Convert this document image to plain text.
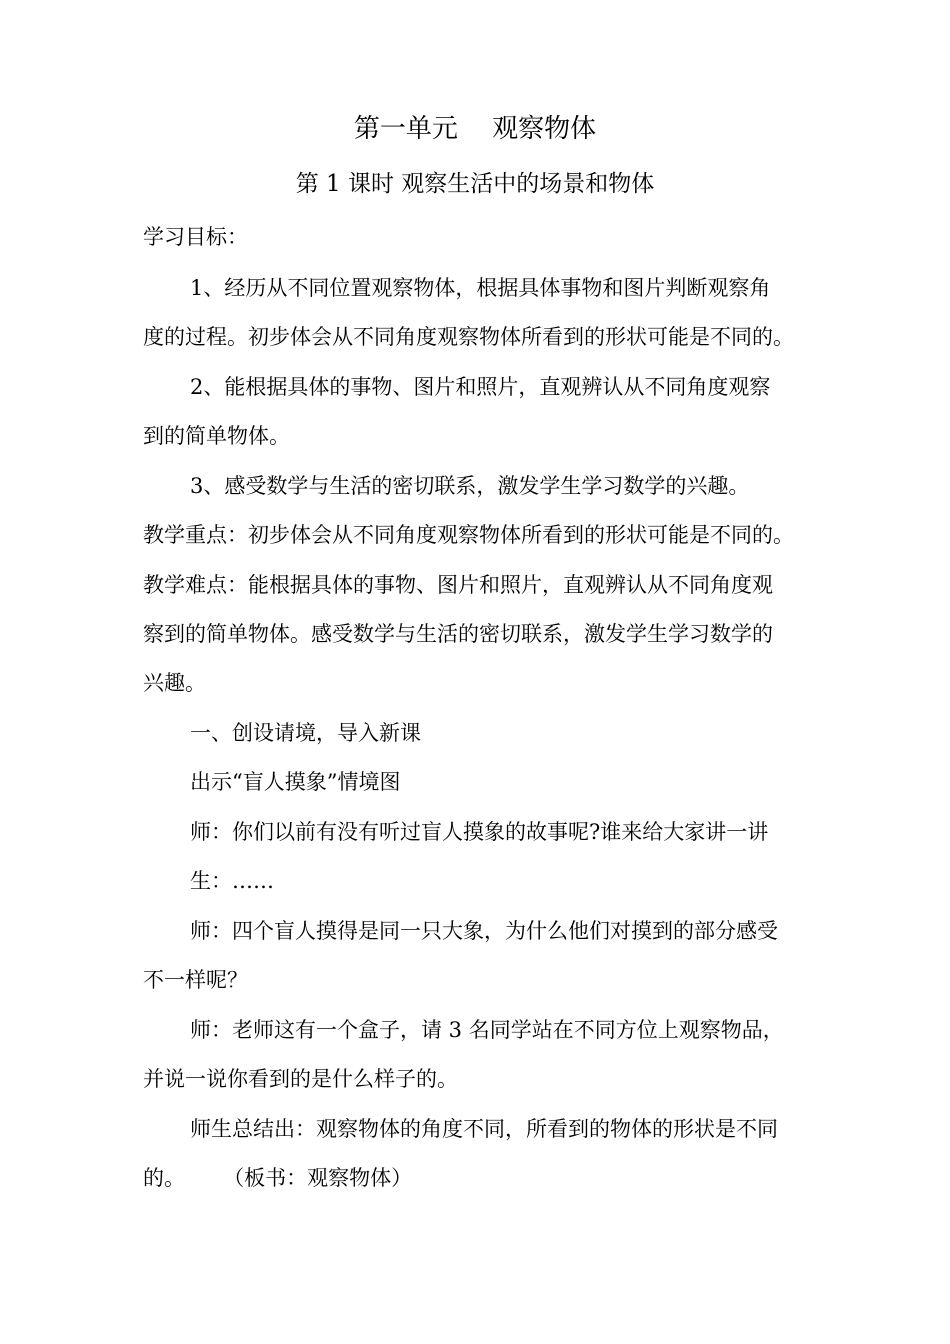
第一单元　 观察物体
第 1 课时 观察生活中的场景和物体
学习目标：
1、经历从不同位置观察物体，根据具体事物和图片判断观察角
度的过程。初步体会从不同角度观察物体所看到的形状可能是不同的。
2、能根据具体的事物、图片和照片，直观辨认从不同角度观察
到的简单物体。
3、感受数学与生活的密切联系，激发学生学习数学的兴趣。
教学重点：初步体会从不同角度观察物体所看到的形状可能是不同的。
教学难点：能根据具体的事物、图片和照片，直观辨认从不同角度观
察到的简单物体。感受数学与生活的密切联系，激发学生学习数学的
兴趣。
一、创设请境，导入新课
出示“盲人摸象”情境图
师：你们以前有没有听过盲人摸象的故事呢?谁来给大家讲一讲
生：……
师：四个盲人摸得是同一只大象，为什么他们对摸到的部分感受
不一样呢？
师：老师这有一个盒子，请 3 名同学站在不同方位上观察物品，
并说一说你看到的是什么样子的。
师生总结出：观察物体的角度不同，所看到的物体的形状是不同
的。　　 （板书：观察物体）
